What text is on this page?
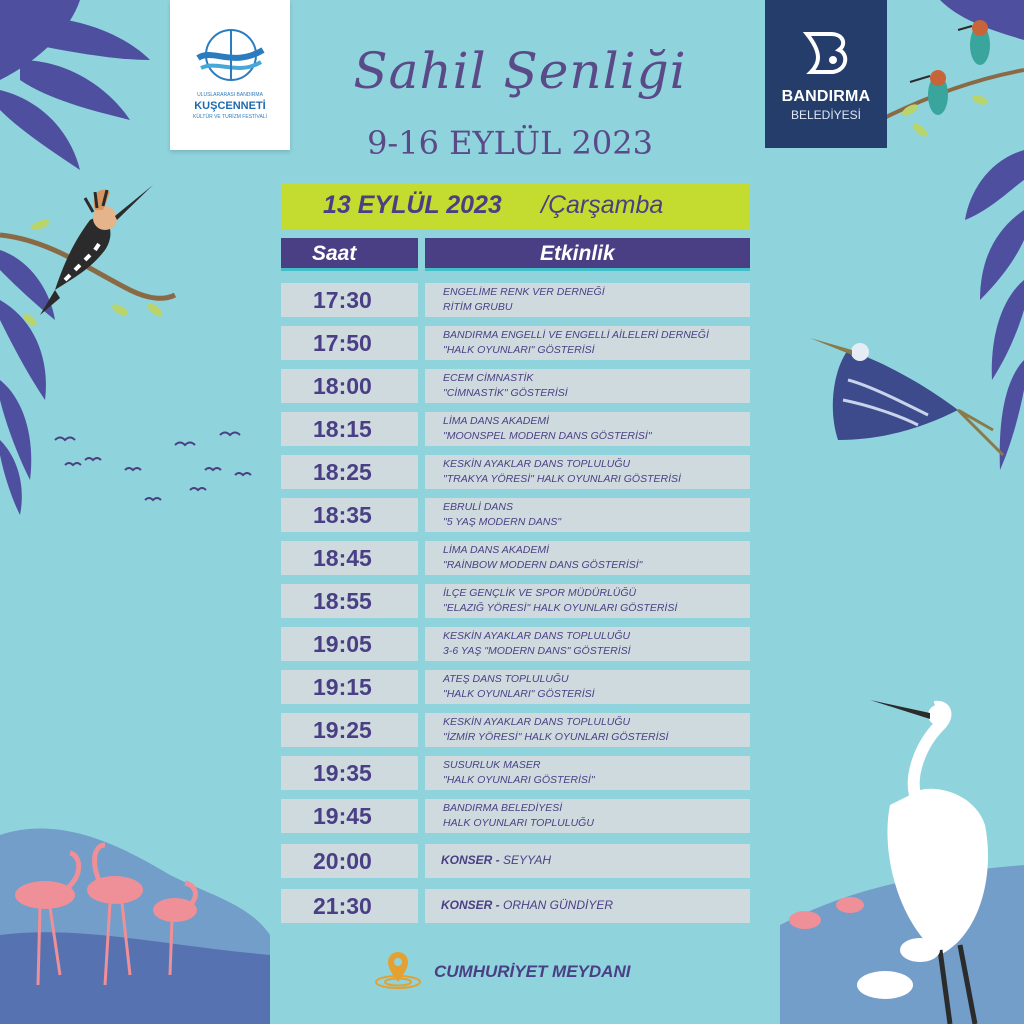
ULUSLARARASI BANDIRMA
KUŞCENNETİ
KÜLTÜR VE TURİZM FESTİVALİ
BANDIRMA
BELEDİYESİ
Sahil Şenliği
9-16 EYLÜL 2023
13 EYLÜL 2023 /Çarşamba
Saat	Etkinlik
17:30	ENGELİME RENK VER DERNEĞİ
RİTİM GRUBU
17:50	BANDIRMA ENGELLİ VE ENGELLİ AİLELERİ DERNEĞİ
"HALK OYUNLARI" GÖSTERİSİ
18:00	ECEM CİMNASTİK
"CİMNASTİK" GÖSTERİSİ
18:15	LİMA DANS AKADEMİ
"MOONSPEL MODERN DANS GÖSTERİSİ"
18:25	KESKİN AYAKLAR DANS TOPLULUĞU
"TRAKYA YÖRESİ" HALK OYUNLARI GÖSTERİSİ
18:35	EBRULİ DANS
"5 YAŞ MODERN DANS"
18:45	LİMA DANS AKADEMİ
"RAİNBOW MODERN DANS GÖSTERİSİ"
18:55	İLÇE GENÇLİK VE SPOR MÜDÜRLÜĞÜ
"ELAZIĞ YÖRESİ" HALK OYUNLARI GÖSTERİSİ
19:05	KESKİN AYAKLAR DANS TOPLULUĞU
3-6 YAŞ "MODERN DANS" GÖSTERİSİ
19:15	ATEŞ DANS TOPLULUĞU
"HALK OYUNLARI" GÖSTERİSİ
19:25	KESKİN AYAKLAR DANS TOPLULUĞU
"İZMİR YÖRESİ" HALK OYUNLARI GÖSTERİSİ
19:35	SUSURLUK MASER
"HALK OYUNLARI GÖSTERİSİ"
19:45	BANDIRMA BELEDİYESİ
HALK OYUNLARI TOPLULUĞU
20:00	KONSER - SEYYAH
21:30	KONSER - ORHAN GÜNDİYER
CUMHURİYET MEYDANI
